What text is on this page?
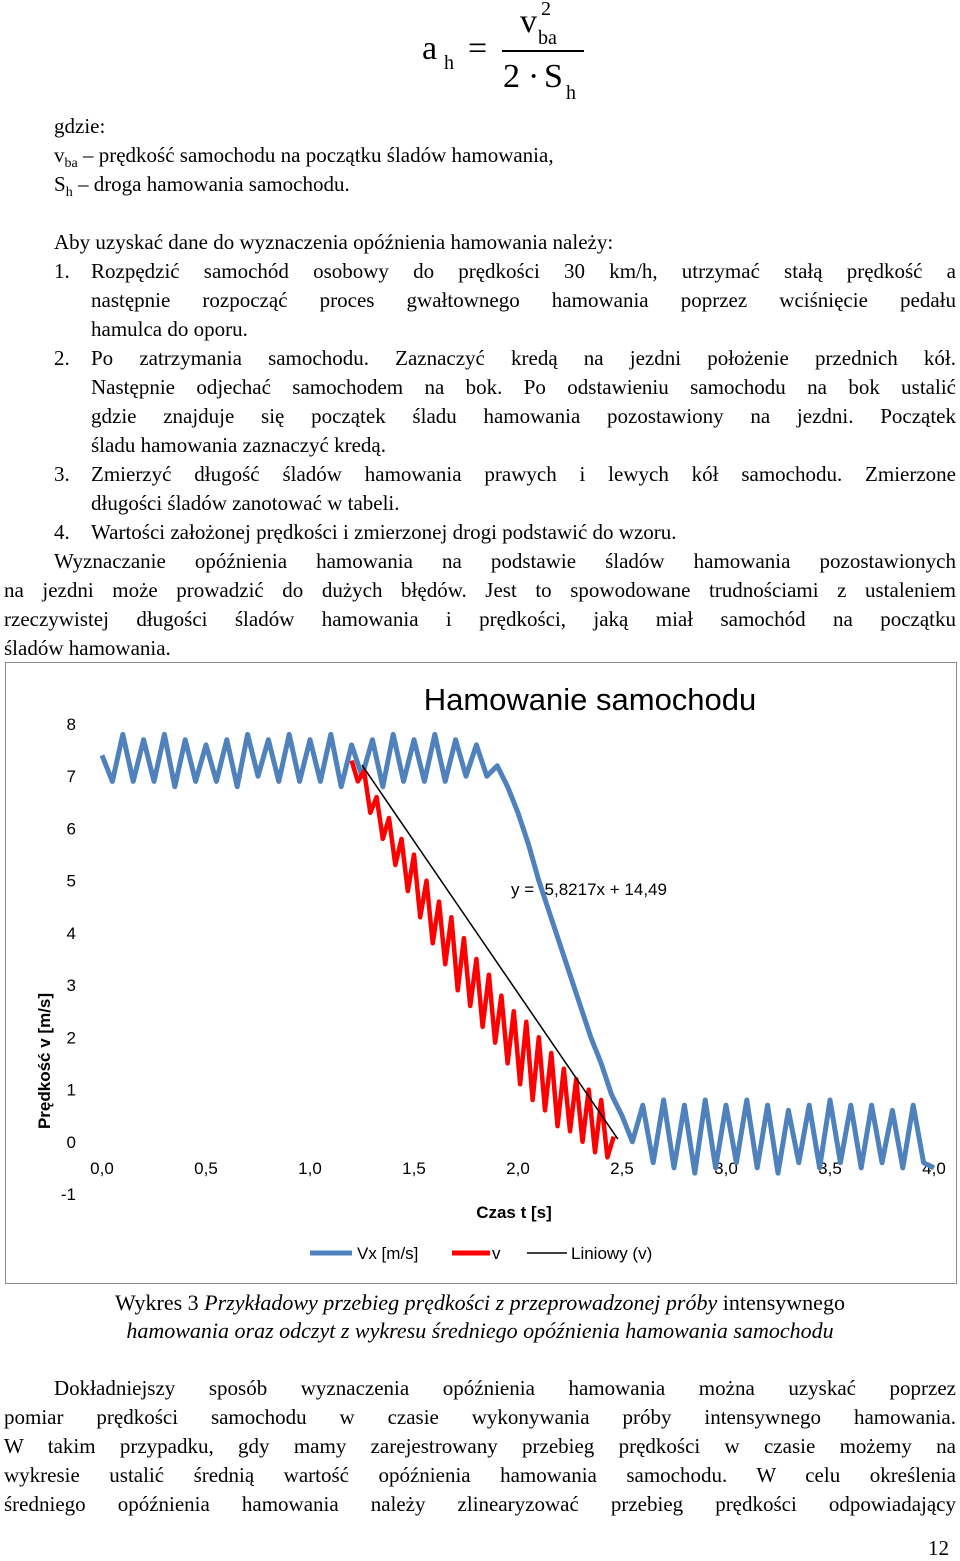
a h =
v 2
ba
2 · S h
gdzie:
$v_{ba}$ – prędkość samochodu na początku śladów hamowania,
$S_h$ – droga hamowania samochodu.
Aby uzyskać dane do wyznaczenia opóźnienia hamowania należy:
1. Rozpędzić samochód osobowy do prędkości 30 km/h, utrzymać stałą prędkość a
następnie rozpocząć proces gwałtownego hamowania poprzez wciśnięcie pedału
hamulca do oporu.
2. Po zatrzymania samochodu. Zaznaczyć kredą na jezdni położenie przednich kół.
Następnie odjechać samochodem na bok. Po odstawieniu samochodu na bok ustalić
gdzie znajduje się początek śladu hamowania pozostawiony na jezdni. Początek
śladu hamowania zaznaczyć kredą.
3. Zmierzyć długość śladów hamowania prawych i lewych kół samochodu. Zmierzone
długości śladów zanotować w tabeli.
4. Wartości założonej prędkości i zmierzonej drogi podstawić do wzoru.
Wyznaczanie opóźnienia hamowania na podstawie śladów hamowania pozostawionych
na jezdni może prowadzić do dużych błędów. Jest to spowodowane trudnościami z ustaleniem
rzeczywistej długości śladów hamowania i prędkości, jaką miał samochód na początku
śladów hamowania.
Hamowanie samochodu
Prędkość v [m/s]
Czas t [s]
y = -5,8217x + 14,49
8
7
6
5
4
3
2
1
0
-1
0,0	0,5	1,0	1,5	2,0	2,5	3,0	3,5	4,0
Vx [m/s]	v	Liniowy (v)
Wykres 3 Przykładowy przebieg prędkości z przeprowadzonej próby intensywnego
hamowania oraz odczyt z wykresu średniego opóźnienia hamowania samochodu
Dokładniejszy sposób wyznaczenia opóźnienia hamowania można uzyskać poprzez
pomiar prędkości samochodu w czasie wykonywania próby intensywnego hamowania.
W takim przypadku, gdy mamy zarejestrowany przebieg prędkości w czasie możemy na
wykresie ustalić średnią wartość opóźnienia hamowania samochodu. W celu określenia
średniego opóźnienia hamowania należy zlinearyzować przebieg prędkości odpowiadający
12
